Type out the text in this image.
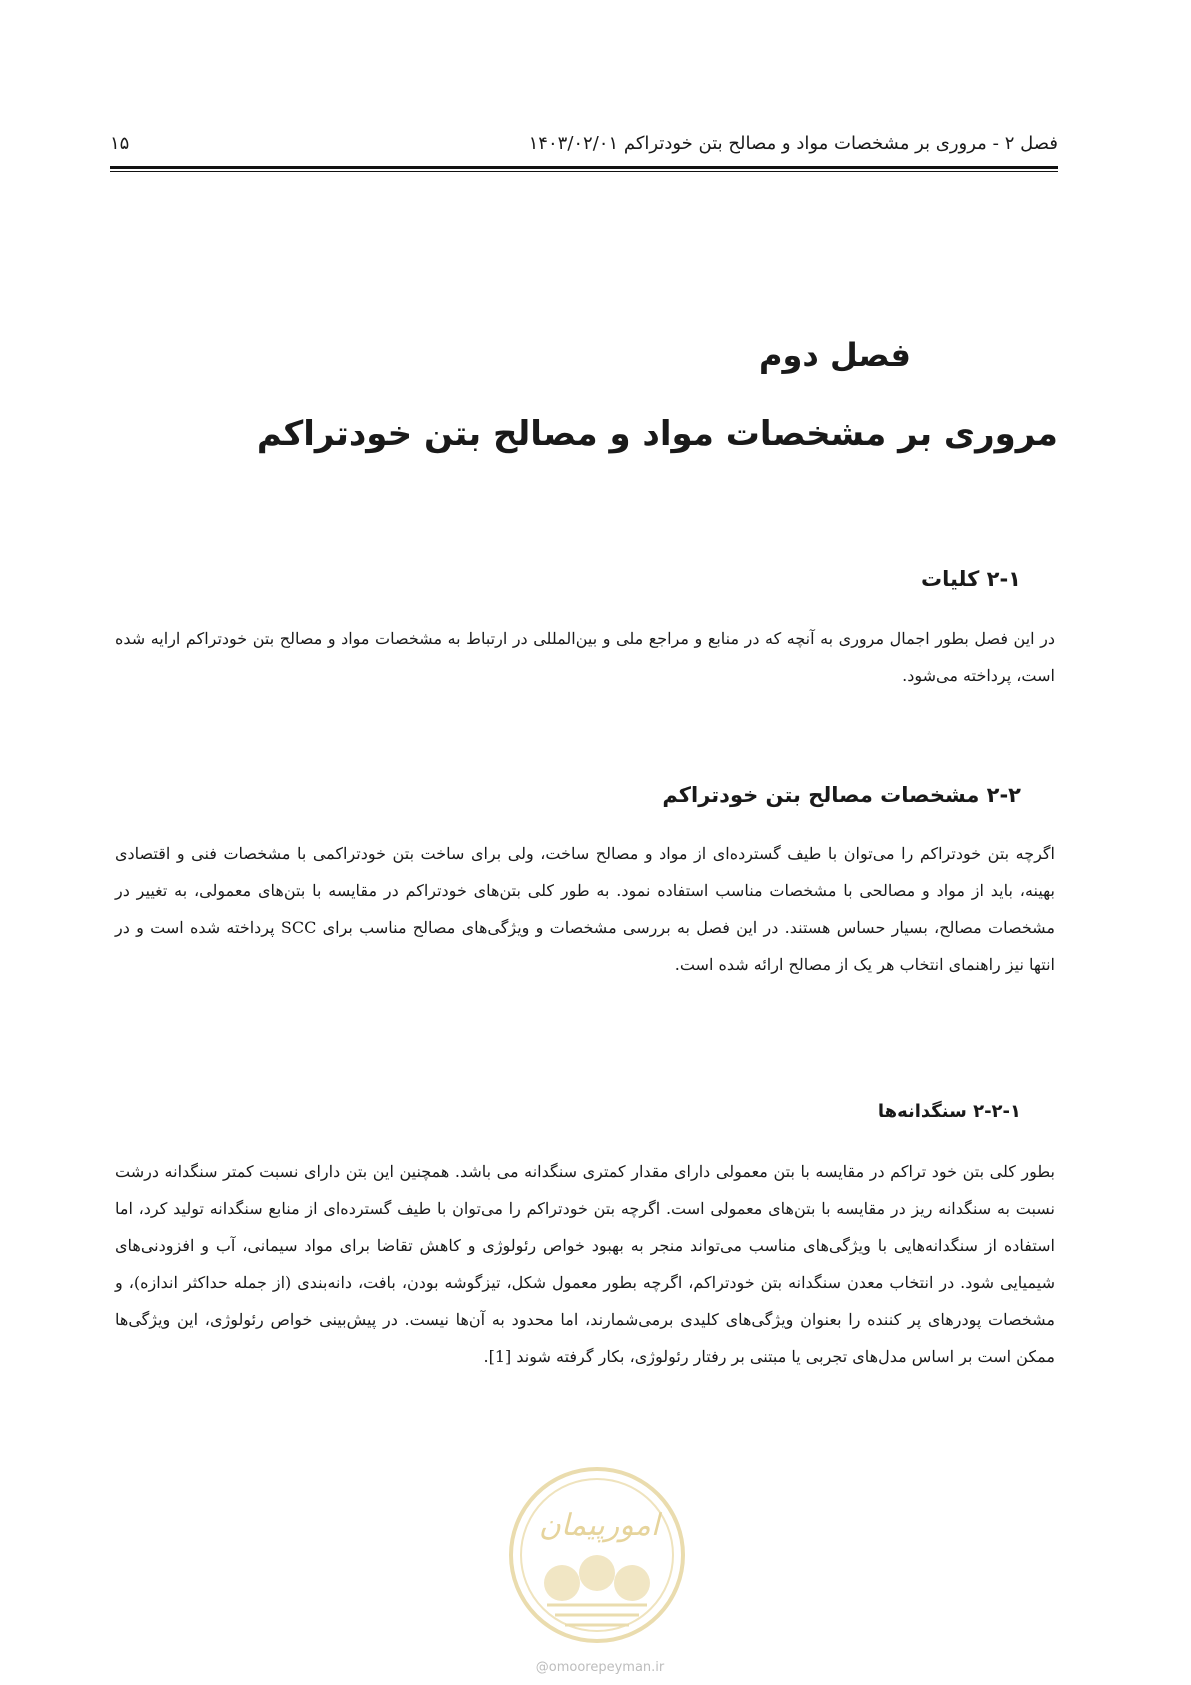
فصل ۲ - مروری بر مشخصات مواد و مصالح بتن خودتراکم ۱۴۰۳/۰۲/۰۱
۱۵
فصل دوم
مروری بر مشخصات مواد و مصالح بتن خودتراکم
۲-۱ کلیات
در این فصل بطور اجمال مروری به آنچه که در منابع و مراجع ملی و بین‌المللی در ارتباط به مشخصات مواد و مصالح بتن خودتراکم ارایه شده است، پرداخته می‌شود.
۲-۲ مشخصات مصالح بتن خودتراکم
اگرچه بتن خودتراکم را می‌توان با طیف گسترده‌ای از مواد و مصالح ساخت، ولی برای ساخت بتن خودتراکمی با مشخصات فنی و اقتصادی بهینه، باید از مواد و مصالحی با مشخصات مناسب استفاده نمود. به طور کلی بتن‌های خودتراکم در مقایسه با بتن‌های معمولی، به تغییر در مشخصات مصالح، بسیار حساس هستند. در این فصل به بررسی مشخصات و ویژگی‌های مصالح مناسب برای SCC پرداخته شده است و در انتها نیز راهنمای انتخاب هر یک از مصالح ارائه شده است.
۲-۲-۱ سنگدانه‌ها
بطور کلی بتن خود تراکم در مقایسه با بتن معمولی دارای مقدار کمتری سنگدانه می باشد. همچنین این بتن دارای نسبت کمتر سنگدانه درشت نسبت به سنگدانه ریز در مقایسه با بتن‌های معمولی است. اگرچه بتن خودتراکم را می‌توان با طیف گسترده‌ای از منابع سنگدانه تولید کرد، اما استفاده از سنگدانه‌هایی با ویژگی‌های مناسب می‌تواند منجر به بهبود خواص رئولوژی و کاهش تقاضا برای مواد سیمانی، آب و افزودنی‌های شیمیایی شود. در انتخاب معدن سنگدانه بتن خودتراکم، اگرچه بطور معمول شکل، تیزگوشه بودن، بافت، دانه‌بندی (از جمله حداکثر اندازه)، و مشخصات پودرهای پر کننده را بعنوان ویژگی‌های کلیدی برمی‌شمارند، اما محدود به آن‌ها نیست. در پیش‌بینی خواص رئولوژی، این ویژگی‌ها ممکن است بر اساس مدل‌های تجربی یا مبتنی بر رفتار رئولوژی، بکار گرفته شوند [1].
امورپیمان
@omoorepeyman.ir
